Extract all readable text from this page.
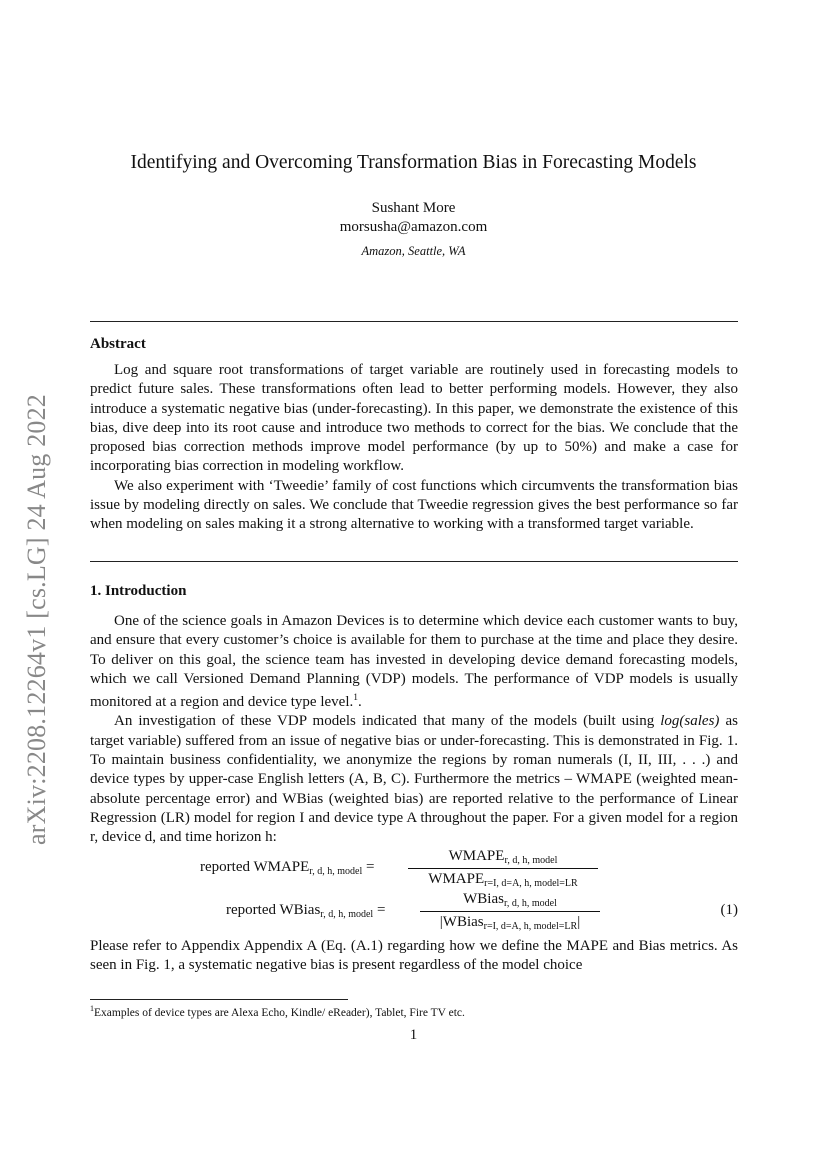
arXiv:2208.12264v1 [cs.LG] 24 Aug 2022
Identifying and Overcoming Transformation Bias in Forecasting Models
Sushant More
morsusha@amazon.com
Amazon, Seattle, WA
Abstract

Log and square root transformations of target variable are routinely used in forecasting models to predict future sales. These transformations often lead to better performing models. However, they also introduce a systematic negative bias (under-forecasting). In this paper, we demonstrate the existence of this bias, dive deep into its root cause and introduce two methods to correct for the bias. We conclude that the proposed bias correction methods improve model performance (by up to 50%) and make a case for incorporating bias correction in modeling workflow.

We also experiment with ‘Tweedie’ family of cost functions which circumvents the transformation bias issue by modeling directly on sales. We conclude that Tweedie regression gives the best performance so far when modeling on sales making it a strong alternative to working with a transformed target variable.

1. Introduction

One of the science goals in Amazon Devices is to determine which device each customer wants to buy, and ensure that every customer’s choice is available for them to purchase at the time and place they desire. To deliver on this goal, the science team has invested in developing device demand forecasting models, which we call Versioned Demand Planning (VDP) models. The performance of VDP models is usually monitored at a region and device type level.$^1$.

An investigation of these VDP models indicated that many of the models (built using log(sales) as target variable) suffered from an issue of negative bias or under-forecasting. This is demonstrated in Fig. 1. To maintain business confidentiality, we anonymize the regions by roman numerals (I, II, III, . . .) and device types by upper-case English letters (A, B, C). Furthermore the metrics – WMAPE (weighted mean-absolute percentage error) and WBias (weighted bias) are reported relative to the performance of Linear Regression (LR) model for region I and device type A throughout the paper. For a given model for a region r, device d, and time horizon h:

reported $WMAPE_{r, d, h, model}$ =
$WMAPE_{r, d, h, model}$
$WMAPE_{r=I, d=A, h, model=LR}$
reported WBias$_{r, d, h, model}$ =
WBias$_{r, d, h, model}$
|WBias$_{r=I, d=A, h, model=LR}$|
(1)

Please refer to Appendix Appendix A (Eq. (A.1) regarding how we define the MAPE and Bias metrics. As seen in Fig. 1, a systematic negative bias is present regardless of the model choice

$^1$Examples of device types are Alexa Echo, Kindle/ eReader), Tablet, Fire TV etc.
1
